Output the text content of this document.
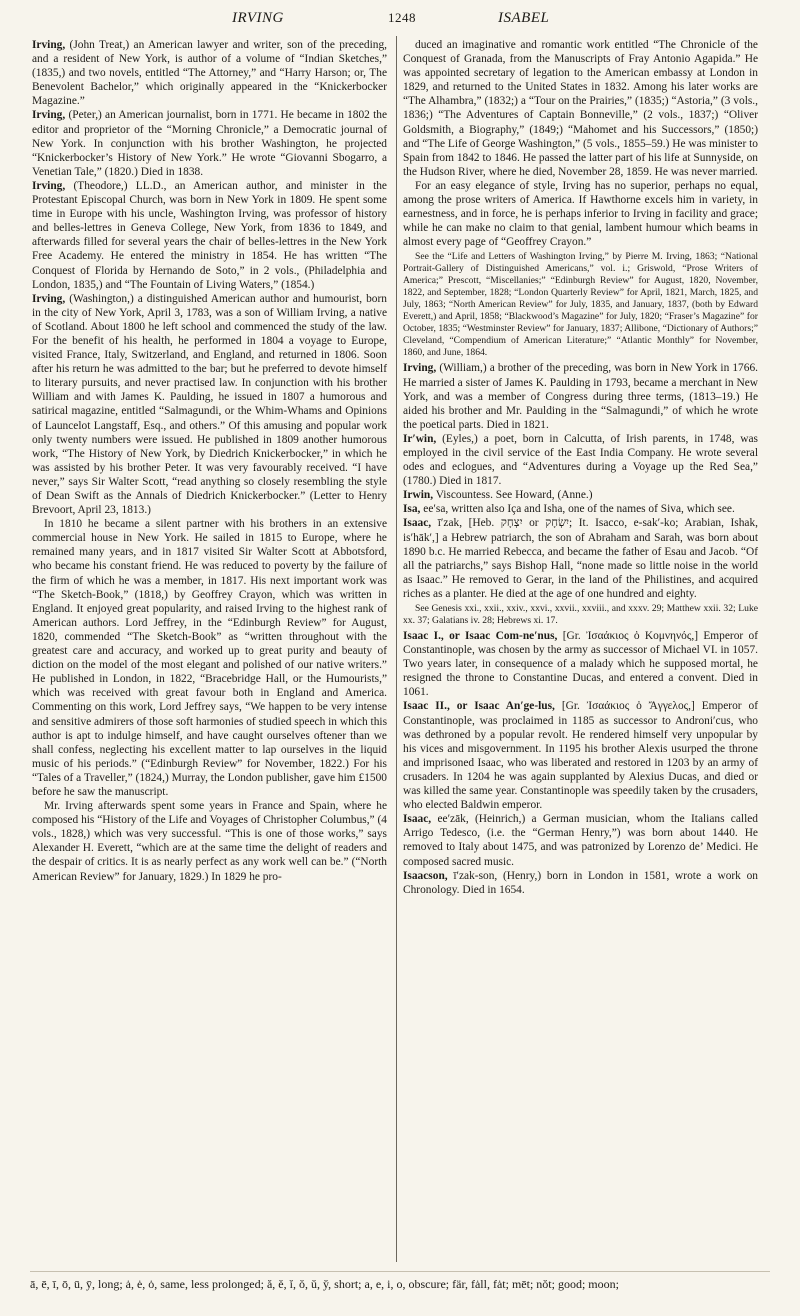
IRVING	1248	ISABEL

Irving, (John Treat,) an American lawyer and writer, son of the preceding, and a resident of New York, is author of a volume of “Indian Sketches,” (1835,) and two novels, entitled “The Attorney,” and “Harry Harson; or, The Benevolent Bachelor,” which originally appeared in the “Knickerbocker Magazine.”

Irving, (Peter,) an American journalist, born in 1771. He became in 1802 the editor and proprietor of the “Morning Chronicle,” a Democratic journal of New York. In conjunction with his brother Washington, he projected “Knickerbocker’s History of New York.” He wrote “Giovanni Sbogarro, a Venetian Tale,” (1820.) Died in 1838.

Irving, (Theodore,) LL.D., an American author, and minister in the Protestant Episcopal Church, was born in New York in 1809. He spent some time in Europe with his uncle, Washington Irving, was professor of history and belles-lettres in Geneva College, New York, from 1836 to 1849, and afterwards filled for several years the chair of belles-lettres in the New York Free Academy. He entered the ministry in 1854. He has written “The Conquest of Florida by Hernando de Soto,” in 2 vols., (Philadelphia and London, 1835,) and “The Fountain of Living Waters,” (1854.)

Irving, (Washington,) a distinguished American author and humourist, born in the city of New York, April 3, 1783, was a son of William Irving, a native of Scotland. About 1800 he left school and commenced the study of the law. For the benefit of his health, he performed in 1804 a voyage to Europe, visited France, Italy, Switzerland, and England, and returned in 1806. Soon after his return he was admitted to the bar; but he preferred to devote himself to literary pursuits, and never practised law. In conjunction with his brother William and with James K. Paulding, he issued in 1807 a humorous and satirical magazine, entitled “Salmagundi, or the Whim-Whams and Opinions of Launcelot Langstaff, Esq., and others.” Of this amusing and popular work only twenty numbers were issued. He published in 1809 another humorous work, “The History of New York, by Diedrich Knickerbocker,” in which he was assisted by his brother Peter. It was very favourably received. “I have never,” says Sir Walter Scott, “read anything so closely resembling the style of Dean Swift as the Annals of Diedrich Knickerbocker.” (Letter to Henry Brevoort, April 23, 1813.)

In 1810 he became a silent partner with his brothers in an extensive commercial house in New York. He sailed in 1815 to Europe, where he remained many years, and in 1817 visited Sir Walter Scott at Abbotsford, who became his constant friend. He was reduced to poverty by the failure of the firm of which he was a member, in 1817. His next important work was “The Sketch-Book,” (1818,) by Geoffrey Crayon, which was written in England. It enjoyed great popularity, and raised Irving to the highest rank of American authors. Lord Jeffrey, in the “Edinburgh Review” for August, 1820, commended “The Sketch-Book” as “written throughout with the greatest care and accuracy, and worked up to great purity and beauty of diction on the model of the most elegant and polished of our native writers.” He published in London, in 1822, “Bracebridge Hall, or the Humourists,” which was received with great favour both in England and America. Commenting on this work, Lord Jeffrey says, “We happen to be very intense and sensitive admirers of those soft harmonies of studied speech in which this author is apt to indulge himself, and have caught ourselves oftener than we shall confess, neglecting his excellent matter to lap ourselves in the liquid music of his periods.” (“Edinburgh Review” for November, 1822.) For his “Tales of a Traveller,” (1824,) Murray, the London publisher, gave him £1500 before he saw the manuscript.

Mr. Irving afterwards spent some years in France and Spain, where he composed his “History of the Life and Voyages of Christopher Columbus,” (4 vols., 1828,) which was very successful. “This is one of those works,” says Alexander H. Everett, “which are at the same time the delight of readers and the despair of critics. It is as nearly perfect as any work well can be.” (“North American Review” for January, 1829.) In 1829 he pro-

duced an imaginative and romantic work entitled “The Chronicle of the Conquest of Granada, from the Manuscripts of Fray Antonio Agapida.” He was appointed secretary of legation to the American embassy at London in 1829, and returned to the United States in 1832. Among his later works are “The Alhambra,” (1832;) a “Tour on the Prairies,” (1835;) “Astoria,” (3 vols., 1836;) “The Adventures of Captain Bonneville,” (2 vols., 1837;) “Oliver Goldsmith, a Biography,” (1849;) “Mahomet and his Successors,” (1850;) and “The Life of George Washington,” (5 vols., 1855–59.) He was minister to Spain from 1842 to 1846. He passed the latter part of his life at Sunnyside, on the Hudson River, where he died, November 28, 1859. He was never married.

For an easy elegance of style, Irving has no superior, perhaps no equal, among the prose writers of America. If Hawthorne excels him in variety, in earnestness, and in force, he is perhaps inferior to Irving in facility and grace; while he can make no claim to that genial, lambent humour which beams in almost every page of “Geoffrey Crayon.”

See the “Life and Letters of Washington Irving,” by Pierre M. Irving, 1863; “National Portrait-Gallery of Distinguished Americans,” vol. i.; Griswold, “Prose Writers of America;” Prescott, “Miscellanies;” “Edinburgh Review” for August, 1820, November, 1822, and September, 1828; “London Quarterly Review” for April, 1821, March, 1825, and July, 1863; “North American Review” for July, 1835, and January, 1837, (both by Edward Everett,) and April, 1858; “Blackwood’s Magazine” for July, 1820; “Fraser’s Magazine” for October, 1835; “Westminster Review” for January, 1837; Allibone, “Dictionary of Authors;” Cleveland, “Compendium of American Literature;” “Atlantic Monthly” for November, 1860, and June, 1864.

Irving, (William,) a brother of the preceding, was born in New York in 1766. He married a sister of James K. Paulding in 1793, became a merchant in New York, and was a member of Congress during three terms, (1813–19.) He aided his brother and Mr. Paulding in the “Salmagundi,” of which he wrote the poetical parts. Died in 1821.

Ir′win, (Eyles,) a poet, born in Calcutta, of Irish parents, in 1748, was employed in the civil service of the East India Company. He wrote several odes and eclogues, and “Adventures during a Voyage up the Red Sea,” (1780.) Died in 1817.

Irwin, Viscountess. See Howard, (Anne.)

Isa, ee′sa, written also Iça and Isha, one of the names of Siva, which see.

Isaac, ī′zak, [Heb. יִצְחָק or יִשְׂחָק; It. Isacco, e-sak′-ko; Arabian, Ishak, is′hāk′,] a Hebrew patriarch, the son of Abraham and Sarah, was born about 1890 b.c. He married Rebecca, and became the father of Esau and Jacob. “Of all the patriarchs,” says Bishop Hall, “none made so little noise in the world as Isaac.” He removed to Gerar, in the land of the Philistines, and acquired riches as a planter. He died at the age of one hundred and eighty.

See Genesis xxi., xxii., xxiv., xxvi., xxvii., xxviii., and xxxv. 29; Matthew xxii. 32; Luke xx. 37; Galatians iv. 28; Hebrews xi. 17.

Isaac I., or Isaac Com-ne′nus, [Gr. Ἰσαάκιος ὁ Κομνηνός,] Emperor of Constantinople, was chosen by the army as successor of Michael VI. in 1057. Two years later, in consequence of a malady which he supposed mortal, he resigned the throne to Constantine Ducas, and entered a convent. Died in 1061.

Isaac II., or Isaac An′ge-lus, [Gr. Ἰσαάκιος ὁ Ἄγγελος,] Emperor of Constantinople, was proclaimed in 1185 as successor to Androni′cus, who was dethroned by a popular revolt. He rendered himself very unpopular by his vices and misgovernment. In 1195 his brother Alexis usurped the throne and imprisoned Isaac, who was liberated and restored in 1203 by an army of crusaders. In 1204 he was again supplanted by Alexius Ducas, and died or was killed the same year. Constantinople was speedily taken by the crusaders, who elected Baldwin emperor.

Isaac, ee′zāk, (Heinrich,) a German musician, whom the Italians called Arrigo Tedesco, (i.e. the “German Henry,”) was born about 1440. He removed to Italy about 1475, and was patronized by Lorenzo de’ Medici. He composed sacred music.

Isaacson, ī′zak-son, (Henry,) born in London in 1581, wrote a work on Chronology. Died in 1654.

ā, ē, ī, ō, ū, ȳ, long; ȧ, ė, ȯ, same, less prolonged; ă, ĕ, ĭ, ŏ, ŭ, y̆, short; a, e, i, o, obscure; fär, fȧll, fȧt; mēt; nŏt; good; moon;
